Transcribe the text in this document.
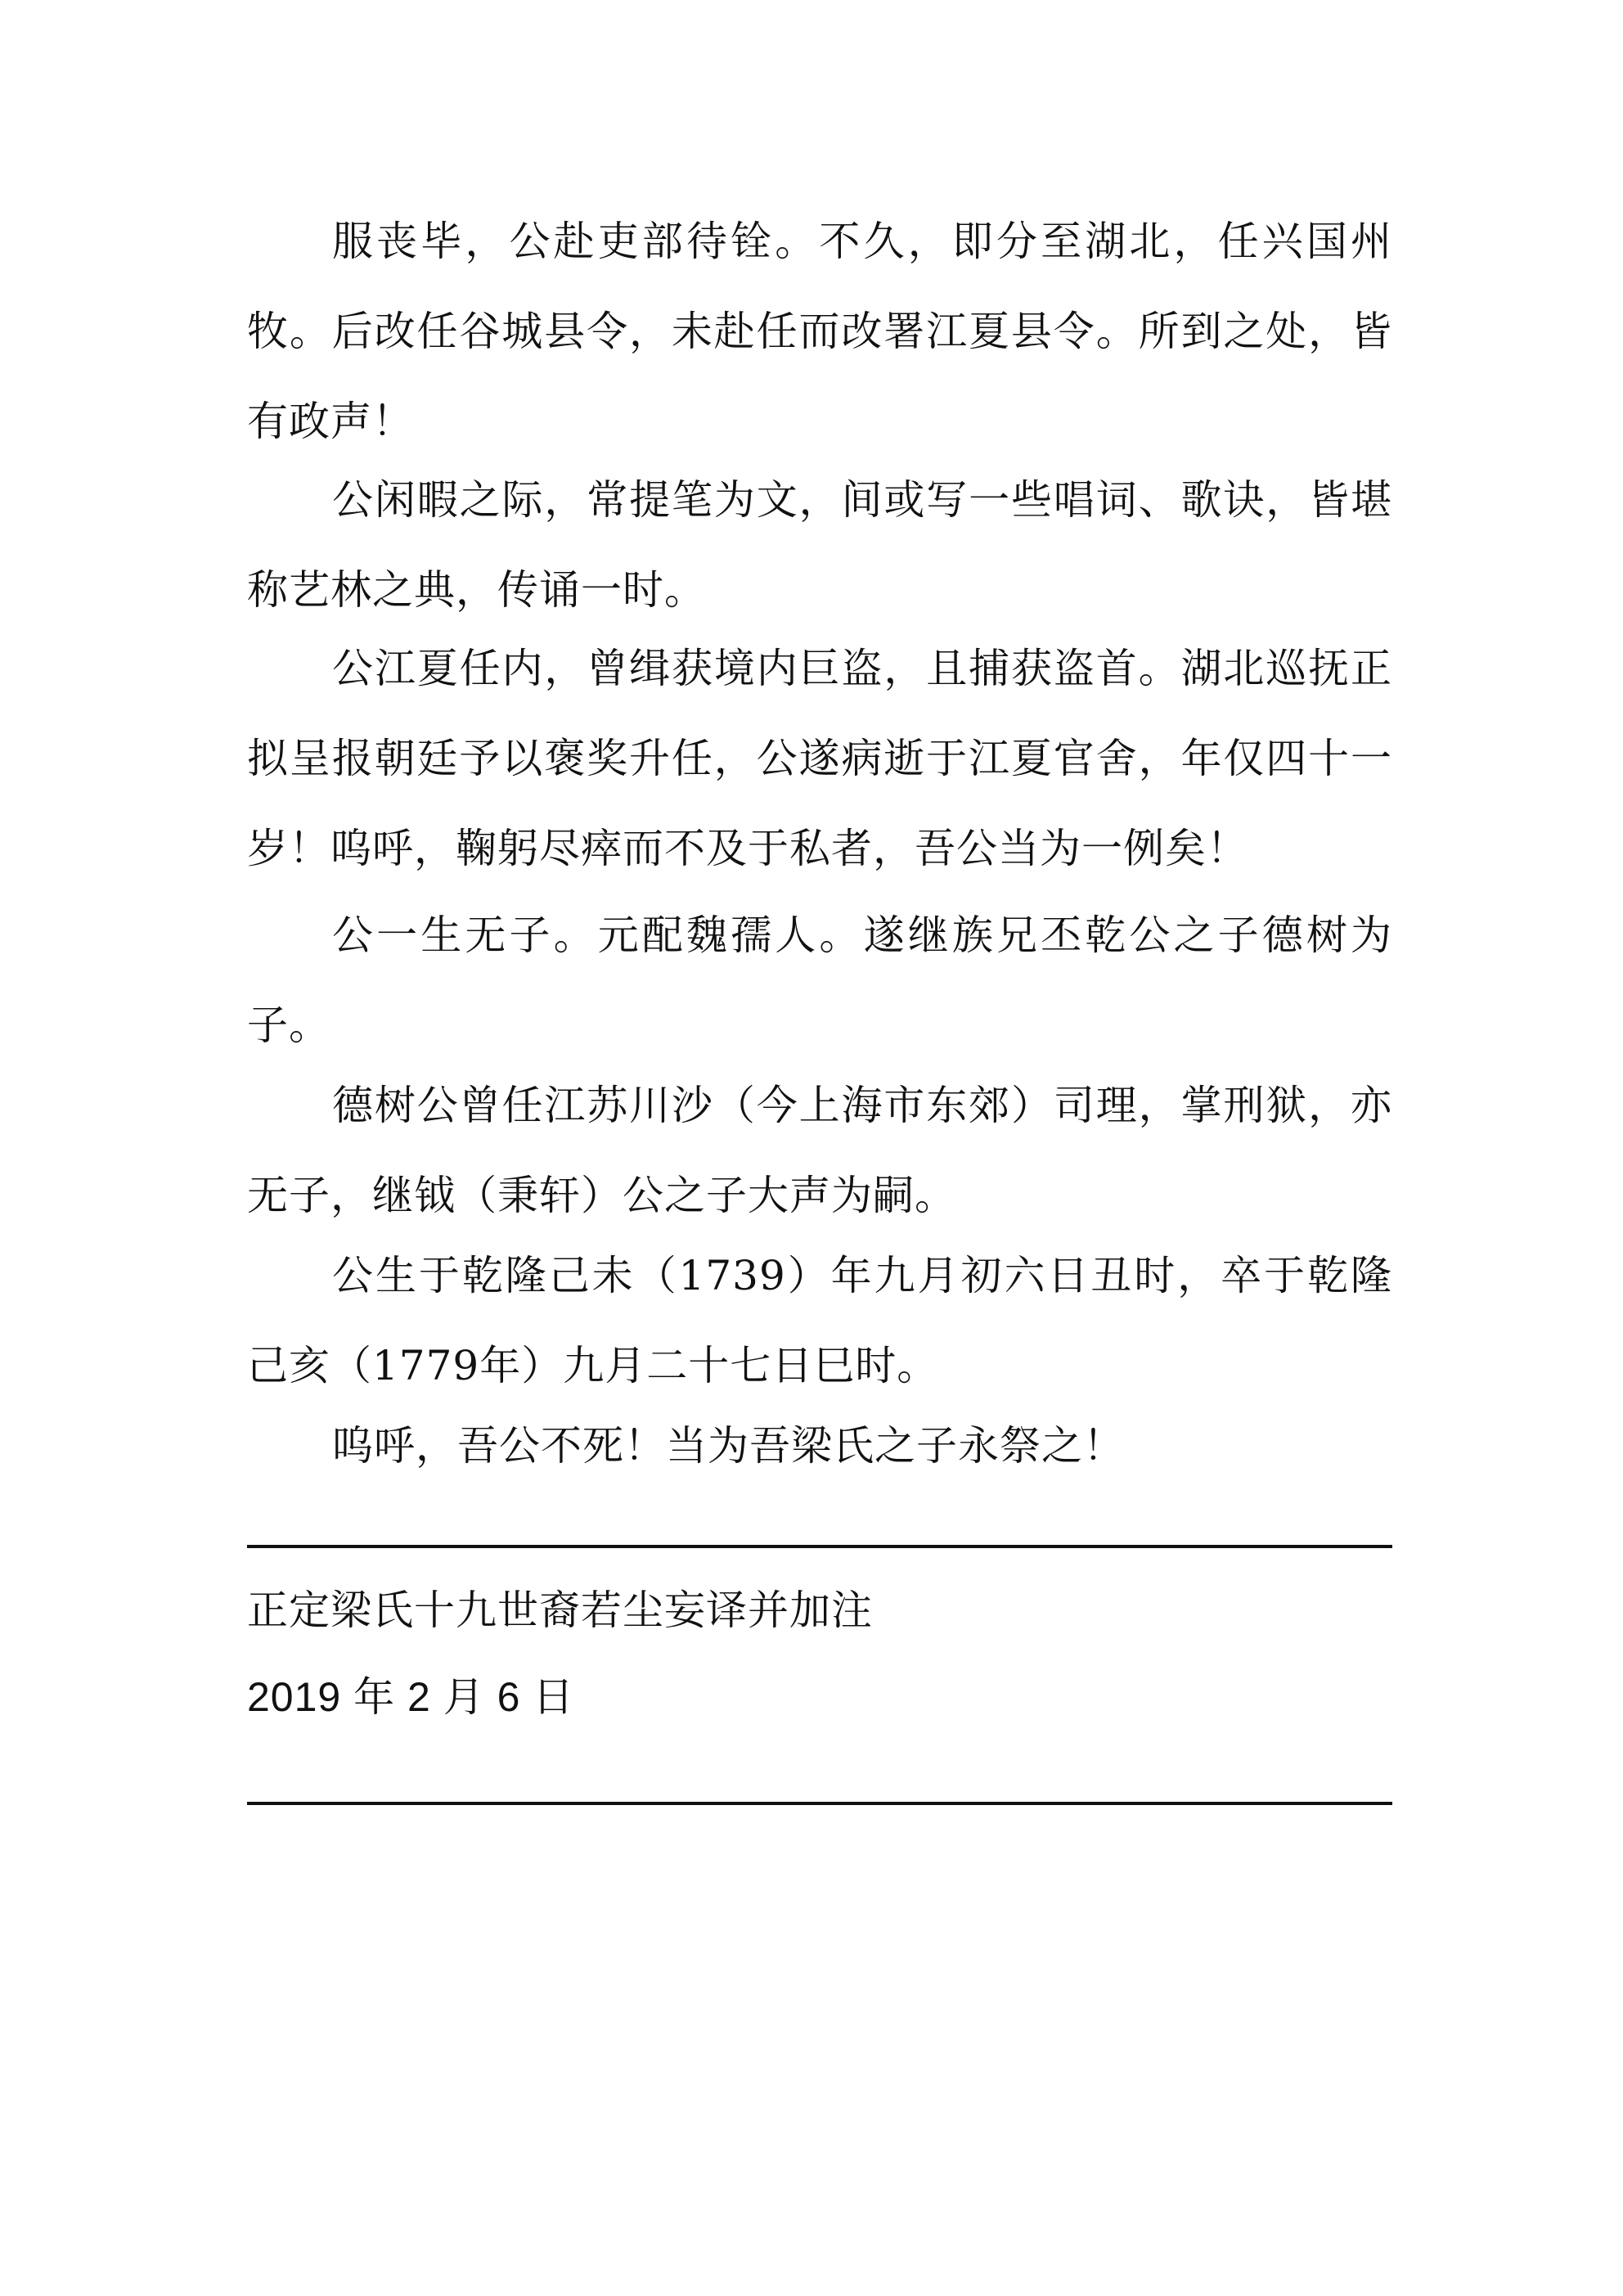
服丧毕，公赴吏部待铨。不久，即分至湖北，任兴国州牧。后改任谷城县令，未赴任而改署江夏县令。所到之处，皆有政声！

公闲暇之际，常提笔为文，间或写一些唱词、歌诀，皆堪称艺林之典，传诵一时。

公江夏任内，曾缉获境内巨盗，且捕获盗首。湖北巡抚正拟呈报朝廷予以褒奖升任，公遂病逝于江夏官舍，年仅四十一岁！呜呼，鞠躬尽瘁而不及于私者，吾公当为一例矣！

公一生无子。元配魏孺人。遂继族兄丕乾公之子德树为子。

德树公曾任江苏川沙（今上海市东郊）司理，掌刑狱，亦无子，继钺（秉轩）公之子大声为嗣。

公生于乾隆己未（1739）年九月初六日丑时，卒于乾隆己亥（1779年）九月二十七日巳时。

呜呼，吾公不死！当为吾梁氏之子永祭之！

正定梁氏十九世裔若尘妄译并加注

2019 年 2 月 6 日
